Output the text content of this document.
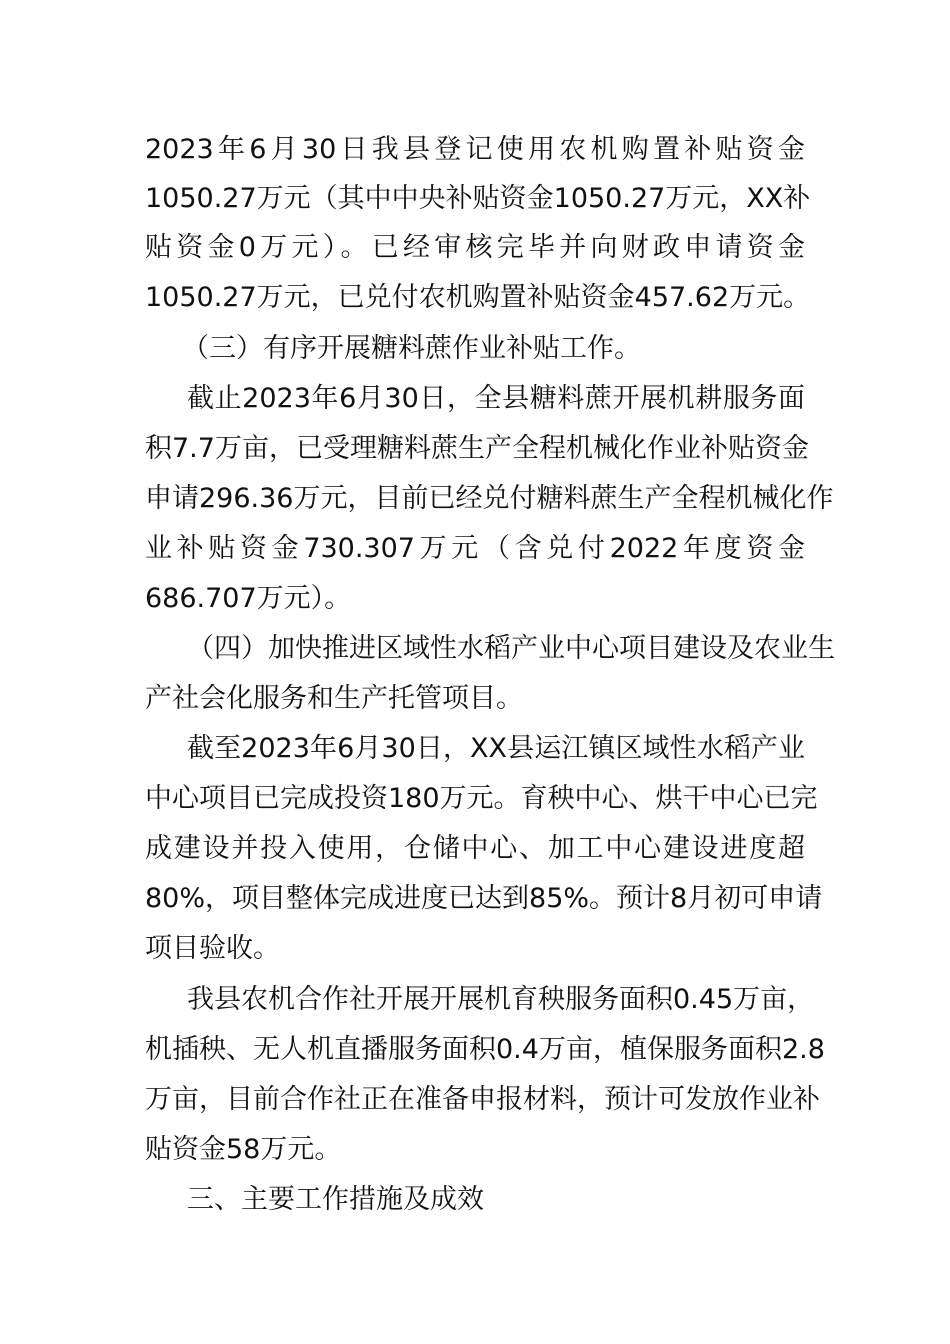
2023年6月30日我县登记使用农机购置补贴资金

1050.27万元（其中中央补贴资金1050.27万元，XX补

贴资金0万元）。已经审核完毕并向财政申请资金

1050.27万元，已兑付农机购置补贴资金457.62万元。

（三）有序开展糖料蔗作业补贴工作。

截止2023年6月30日，全县糖料蔗开展机耕服务面

积7.7万亩，已受理糖料蔗生产全程机械化作业补贴资金

申请296.36万元，目前已经兑付糖料蔗生产全程机械化作

业补贴资金730.307万元（含兑付2022年度资金

686.707万元）。

（四）加快推进区域性水稻产业中心项目建设及农业生

产社会化服务和生产托管项目。

截至2023年6月30日，XX县运江镇区域性水稻产业

中心项目已完成投资180万元。育秧中心、烘干中心已完

成建设并投入使用，仓储中心、加工中心建设进度超

80%，项目整体完成进度已达到85%。预计8月初可申请

项目验收。

我县农机合作社开展开展机育秧服务面积0.45万亩，

机插秧、无人机直播服务面积0.4万亩，植保服务面积2.8

万亩，目前合作社正在准备申报材料，预计可发放作业补

贴资金58万元。

三、主要工作措施及成效
